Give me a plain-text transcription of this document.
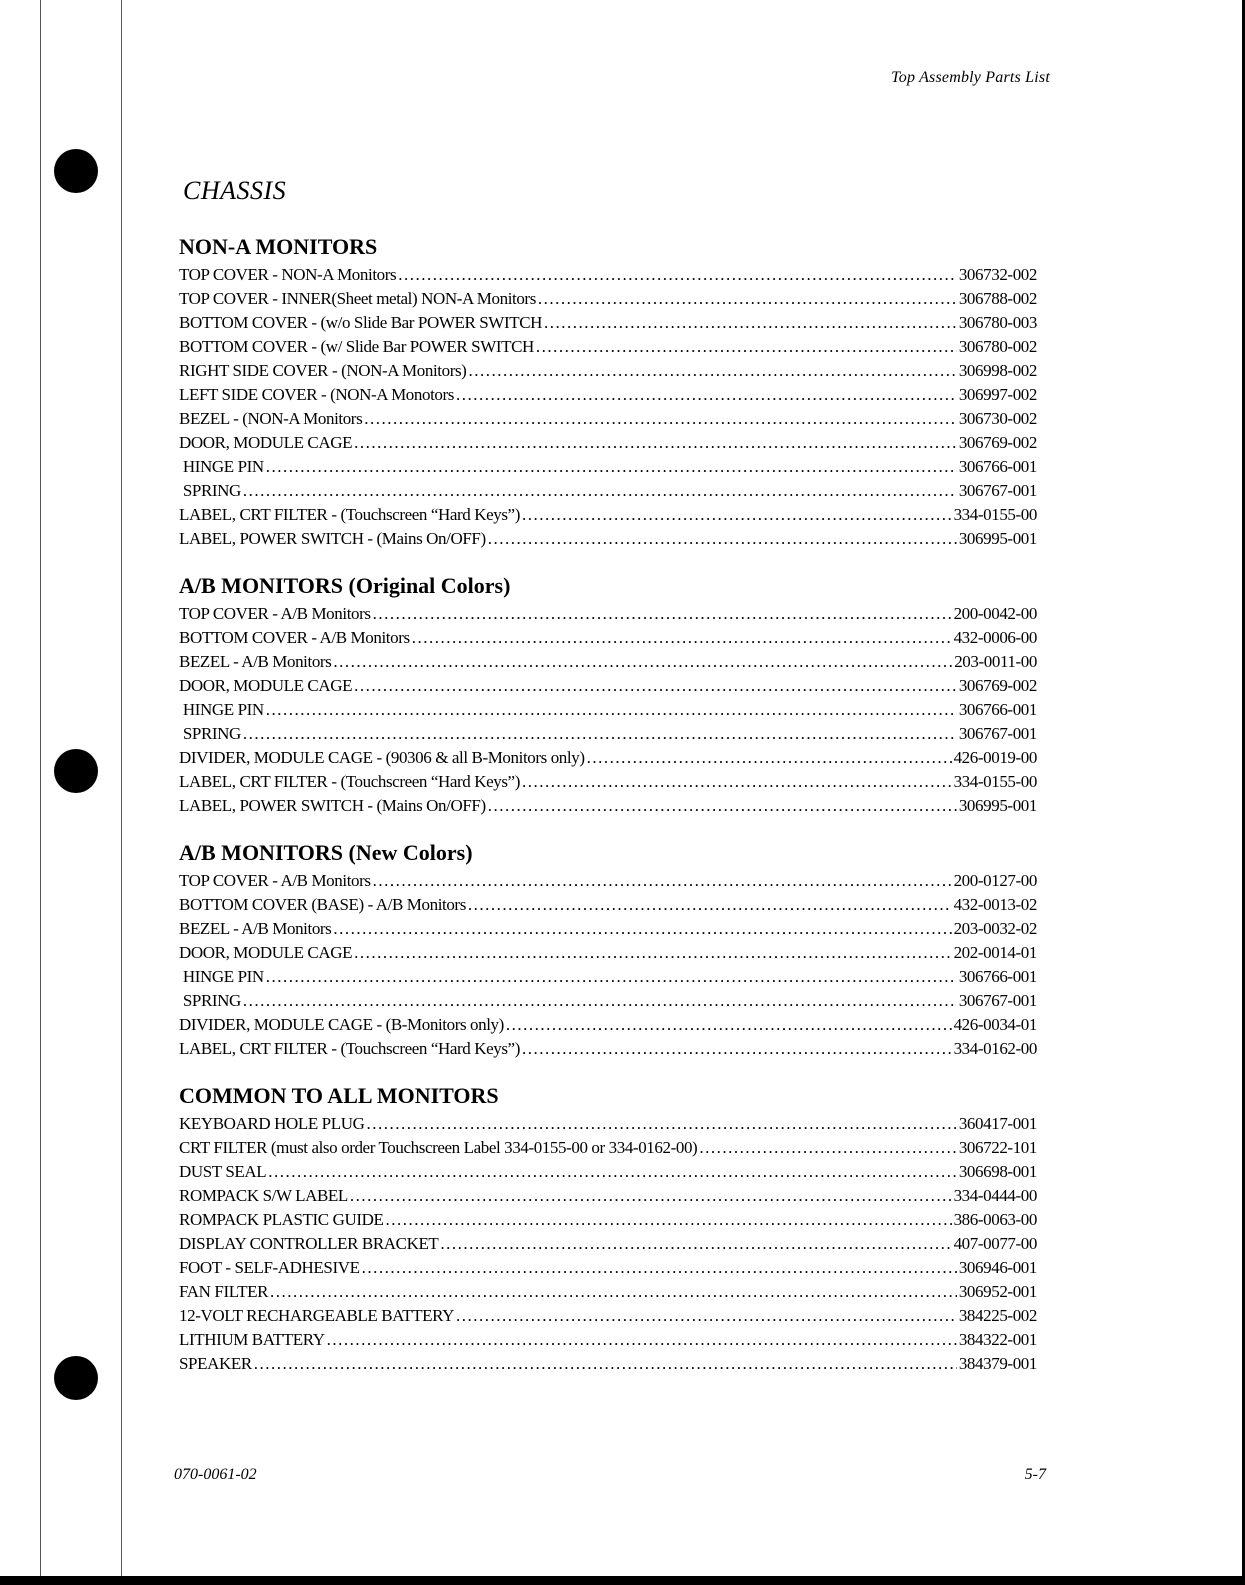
Top Assembly Parts List
CHASSIS
NON-A MONITORS
TOP COVER - NON-A Monitors .....	306732-002
TOP COVER - INNER(Sheet metal) NON-A Monitors .....	306788-002
BOTTOM COVER - (w/o Slide Bar POWER SWITCH .....	306780-003
BOTTOM COVER - (w/ Slide Bar POWER SWITCH .....	306780-002
RIGHT SIDE COVER - (NON-A Monitors) .....	306998-002
LEFT SIDE COVER - (NON-A Monotors .....	306997-002
BEZEL - (NON-A Monitors .....	306730-002
DOOR, MODULE CAGE .....	306769-002
HINGE PIN .....	306766-001
SPRING .....	306767-001
LABEL, CRT FILTER - (Touchscreen “Hard Keys”) .....	334-0155-00
LABEL, POWER SWITCH - (Mains On/OFF) .....	306995-001
A/B MONITORS (Original Colors)
TOP COVER - A/B Monitors .....	200-0042-00
BOTTOM COVER - A/B Monitors .....	432-0006-00
BEZEL - A/B Monitors .....	203-0011-00
DOOR, MODULE CAGE .....	306769-002
HINGE PIN .....	306766-001
SPRING .....	306767-001
DIVIDER, MODULE CAGE - (90306 & all B-Monitors only) .....	426-0019-00
LABEL, CRT FILTER - (Touchscreen “Hard Keys”) .....	334-0155-00
LABEL, POWER SWITCH - (Mains On/OFF) .....	306995-001
A/B MONITORS (New Colors)
TOP COVER - A/B Monitors .....	200-0127-00
BOTTOM COVER (BASE) - A/B Monitors .....	432-0013-02
BEZEL - A/B Monitors .....	203-0032-02
DOOR, MODULE CAGE .....	202-0014-01
HINGE PIN .....	306766-001
SPRING .....	306767-001
DIVIDER, MODULE CAGE - (B-Monitors only) .....	426-0034-01
LABEL, CRT FILTER - (Touchscreen “Hard Keys”) .....	334-0162-00
COMMON TO ALL MONITORS
KEYBOARD HOLE PLUG .....	360417-001
CRT FILTER (must also order Touchscreen Label 334-0155-00 or 334-0162-00) .....	306722-101
DUST SEAL .....	306698-001
ROMPACK S/W LABEL .....	334-0444-00
ROMPACK PLASTIC GUIDE .....	386-0063-00
DISPLAY CONTROLLER BRACKET .....	407-0077-00
FOOT - SELF-ADHESIVE .....	306946-001
FAN FILTER .....	306952-001
12-VOLT RECHARGEABLE BATTERY .....	384225-002
LITHIUM BATTERY .....	384322-001
SPEAKER .....	384379-001
070-0061-02	5-7
